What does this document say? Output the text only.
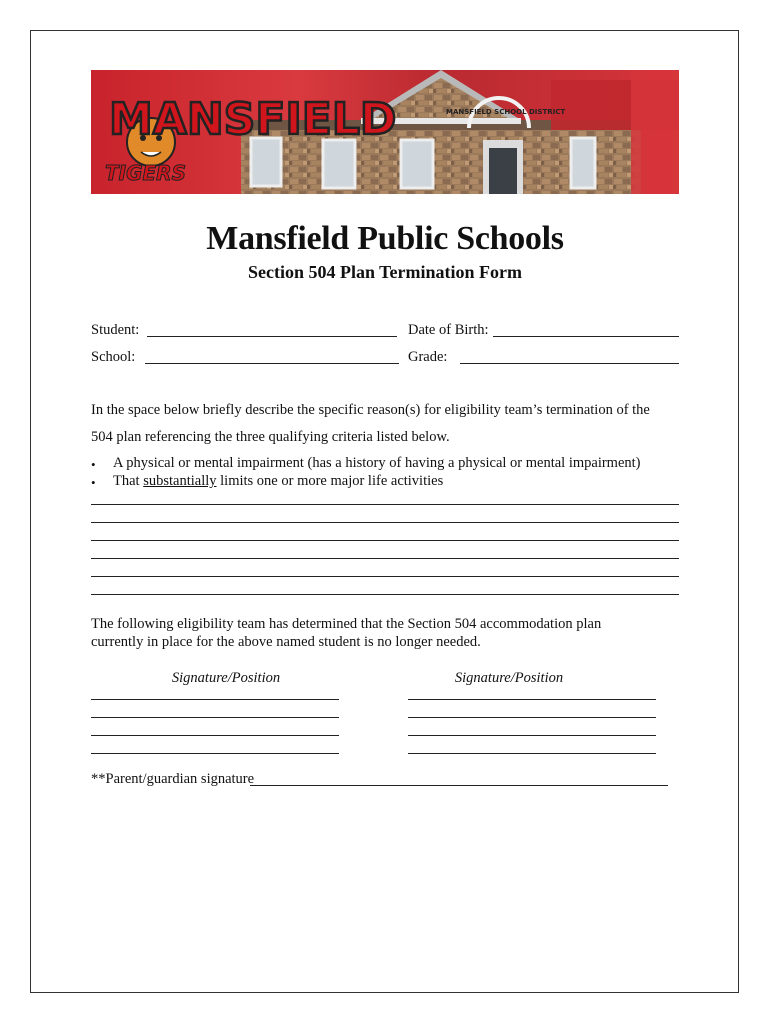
MANSFIELD
TIGERS
MANSFIELD SCHOOL DISTRICT
Mansfield Public Schools
Section 504 Plan Termination Form
Student:	Date of Birth:
School:	Grade:
In the space below briefly describe the specific reason(s) for eligibility team’s termination of the
504 plan referencing the three qualifying criteria listed below.
• A physical or mental impairment (has a history of having a physical or mental impairment)
• That substantially limits one or more major life activities
The following eligibility team has determined that the Section 504 accommodation plan
currently in place for the above named student is no longer needed.
Signature/Position	Signature/Position
**Parent/guardian signature
